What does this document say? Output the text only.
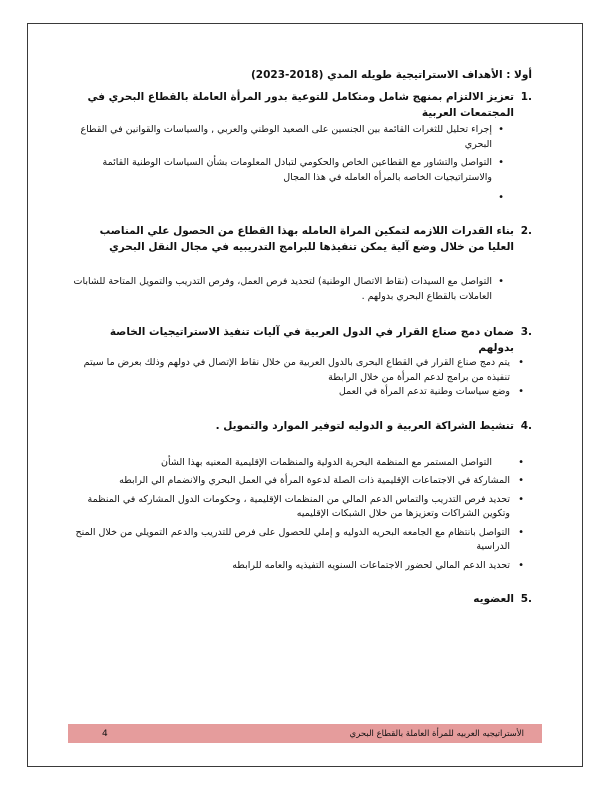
أولا : الأهداف الاستراتيجية طويله المدي (2018-2023)
.1
تعزيز الالتزام بمنهج شامل ومتكامل للتوعية بدور المرأة العاملة بالقطاع البحري في المجتمعات العربية
• إجراء تحليل للثغرات القائمة بين الجنسين على الصعيد الوطني والعربي , والسياسات والقوانين في القطاع البحري
• التواصل والتشاور مع القطاعين الخاص والحكومي لتبادل المعلومات بشأن السياسات الوطنية القائمة والاستراتيجيات الخاصه بالمرأه العامله في هذا المجال
•
.2
بناء القدرات اللازمه لتمكين المراة العامله بهذا القطاع من الحصول علي المناصب العليا من خلال وضع آلية يمكن تنفيذها للبرامج التدريبيه في مجال النقل البحري
• التواصل مع السيدات (نقاط الاتصال الوطنية) لتحديد فرص العمل، وفرص التدريب والتمويل المتاحة للشابات العاملات بالقطاع البحري بدولهم .
.3
ضمان دمج صناع القرار في الدول العربية في آليات تنفيذ الاستراتيجيات الخاصة بدولهم
• يتم دمج صناع القرار في القطاع البحرى بالدول العربية من خلال نقاط الإتصال في دولهم وذلك بعرض ما سيتم تنفيذه من برامج لدعم المرأة من خلال الرابطة
• وضع سياسات وطنية تدعم المرأة في العمل
.4
تنشيط الشراكة العربية و الدوليه لتوفير الموارد والتمويل .
• التواصل المستمر مع المنظمة البحرية الدولية والمنظمات الإقليمية المعنيه بهذا الشأن
• المشاركة في الاجتماعات الإقليمية ذات الصلة لدعوة المرأة في العمل البحري والانضمام الي الرابطه
• تحديد فرص التدريب والتماس الدعم المالي من المنظمات الإقليمية ، وحكومات الدول المشاركه في المنظمة وتكوين الشراكات وتعزيزها من خلال الشبكات الإقليميه
• التواصل بانتظام مع الجامعه البحريه الدوليه و إملي للحصول على فرص للتدريب والدعم التمويلي من خلال المنح الدراسية
• تحديد الدعم المالي لحضور الاجتماعات السنويه التفيذيه والعامه للرابطه
.5
العضويه
4	الأستراتيجيه العربيه للمرأة العاملة بالقطاع البحري
